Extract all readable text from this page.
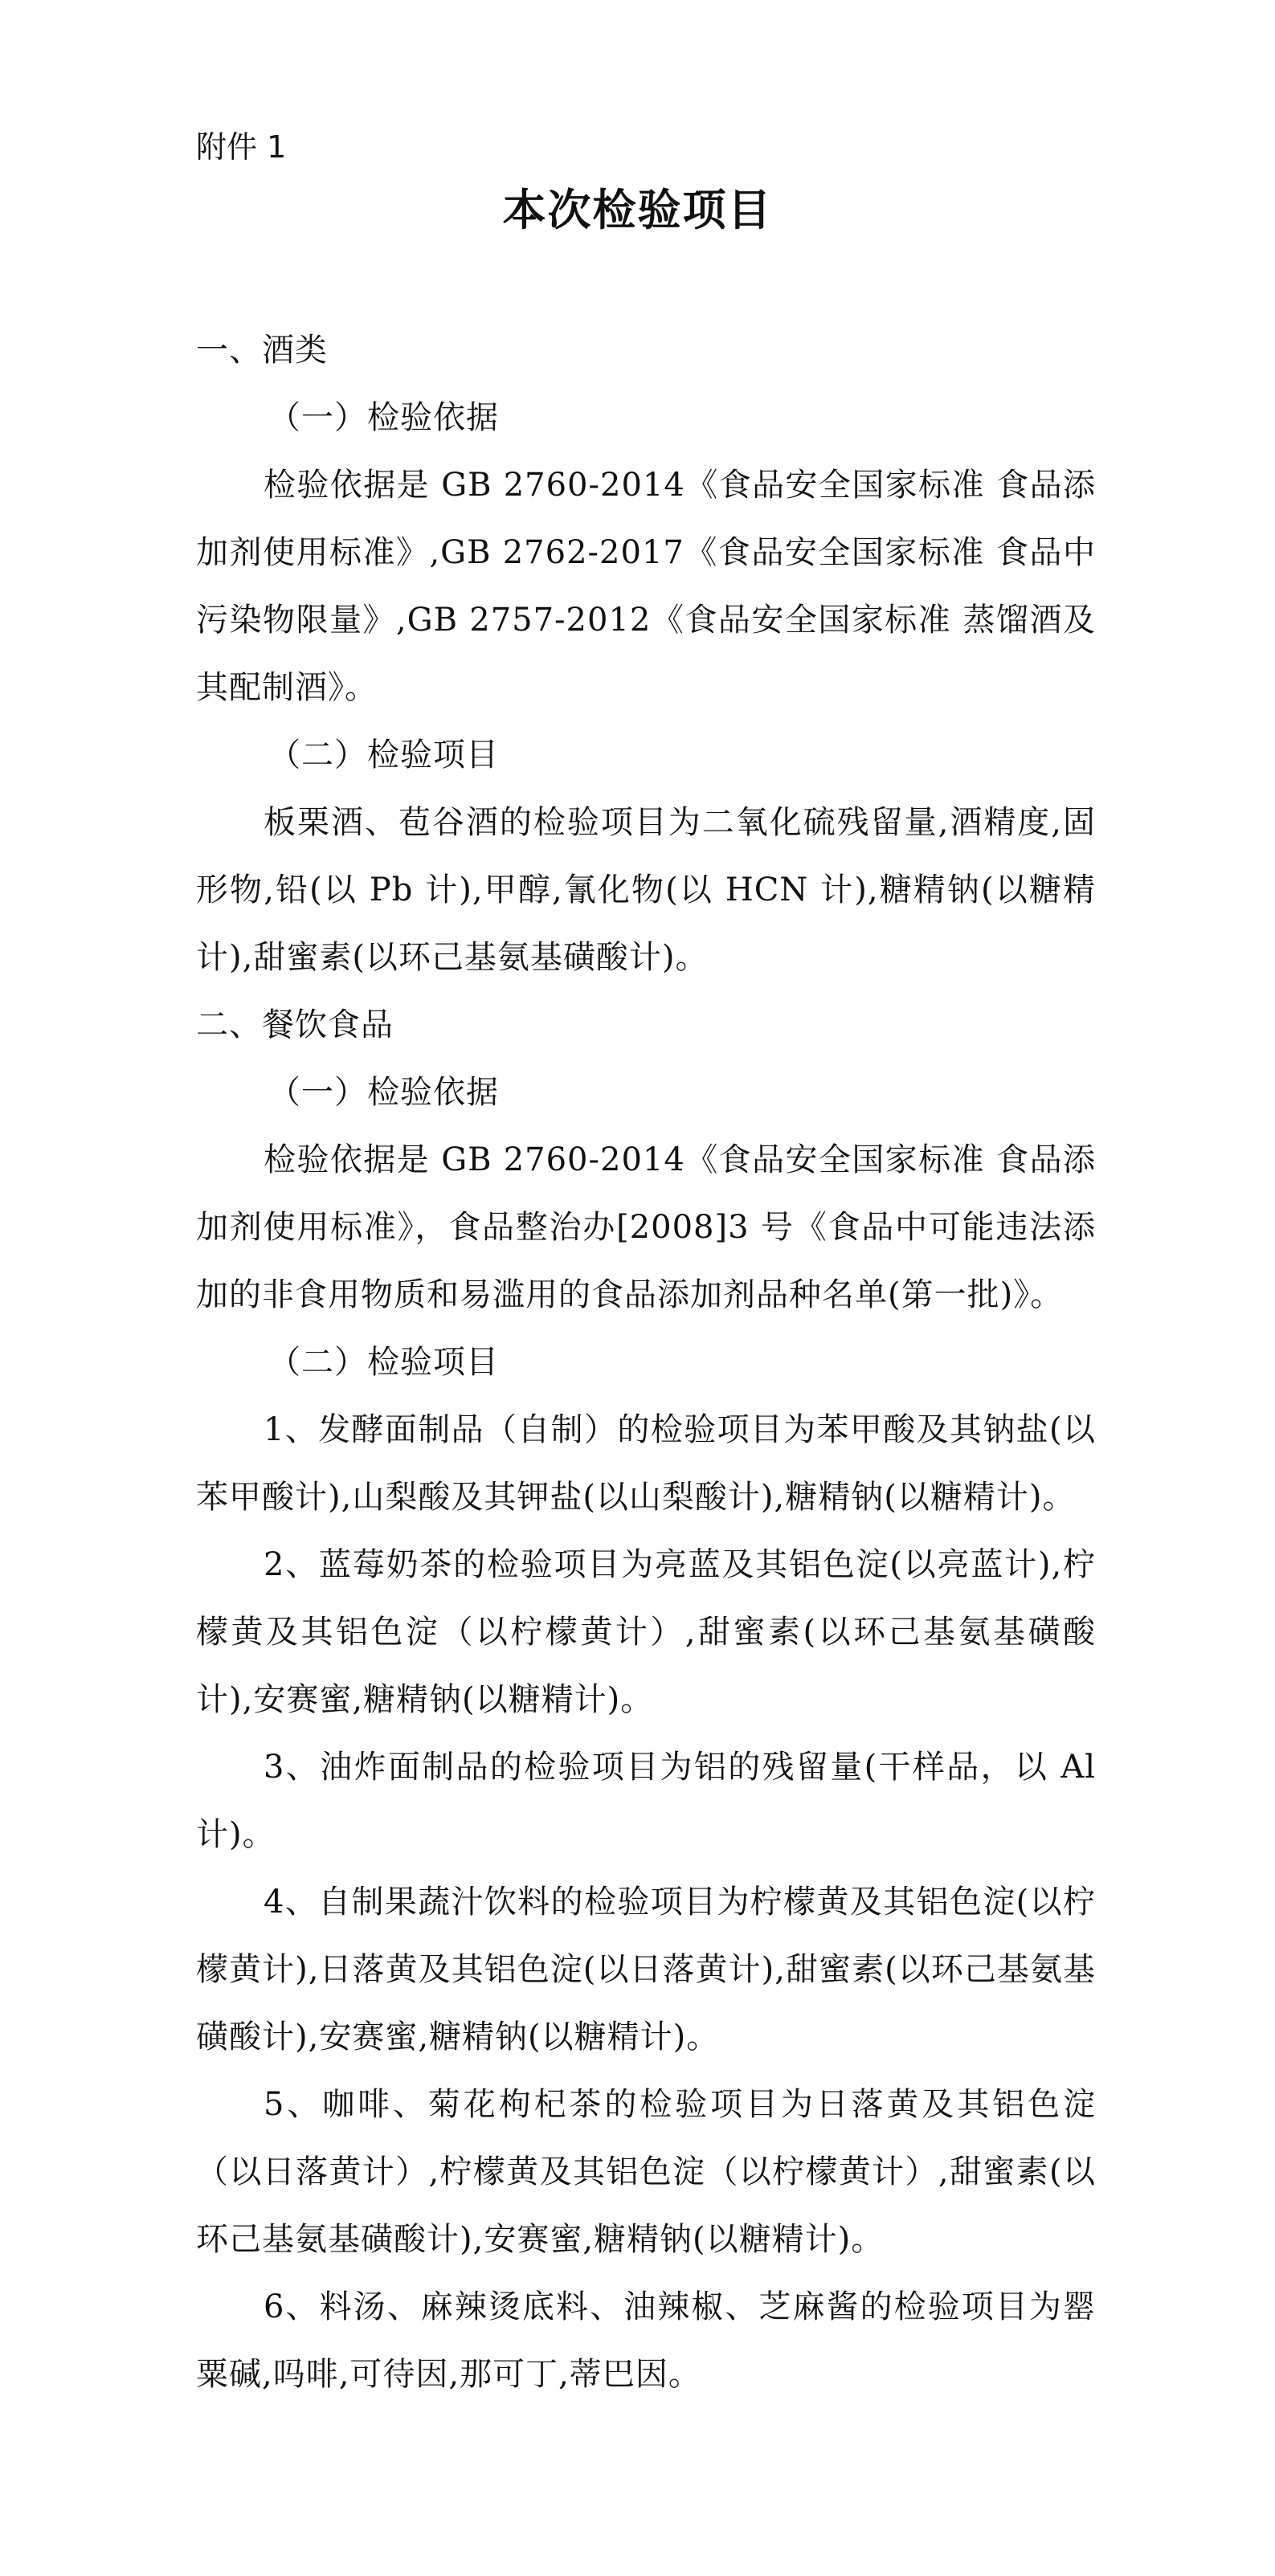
附件 1
本次检验项目

一、酒类

（一）检验依据

检验依据是 GB 2760-2014《食品安全国家标准 食品添加剂使用标准》,GB 2762-2017《食品安全国家标准 食品中污染物限量》,GB 2757-2012《食品安全国家标准 蒸馏酒及其配制酒》。

（二）检验项目

板栗酒、苞谷酒的检验项目为二氧化硫残留量,酒精度,固形物,铅(以 Pb 计),甲醇,氰化物(以 HCN 计),糖精钠(以糖精计),甜蜜素(以环己基氨基磺酸计)。

二、餐饮食品

（一）检验依据

检验依据是 GB 2760-2014《食品安全国家标准 食品添加剂使用标准》，食品整治办[2008]3 号《食品中可能违法添加的非食用物质和易滥用的食品添加剂品种名单(第一批)》。

（二）检验项目

1、发酵面制品（自制）的检验项目为苯甲酸及其钠盐(以苯甲酸计),山梨酸及其钾盐(以山梨酸计),糖精钠(以糖精计)。

2、蓝莓奶茶的检验项目为亮蓝及其铝色淀(以亮蓝计),柠檬黄及其铝色淀（以柠檬黄计）,甜蜜素(以环己基氨基磺酸计),安赛蜜,糖精钠(以糖精计)。

3、油炸面制品的检验项目为铝的残留量(干样品，以 Al 计)。

4、自制果蔬汁饮料的检验项目为柠檬黄及其铝色淀(以柠檬黄计),日落黄及其铝色淀(以日落黄计),甜蜜素(以环己基氨基磺酸计),安赛蜜,糖精钠(以糖精计)。

5、咖啡、菊花枸杞茶的检验项目为日落黄及其铝色淀（以日落黄计）,柠檬黄及其铝色淀（以柠檬黄计）,甜蜜素(以环己基氨基磺酸计),安赛蜜,糖精钠(以糖精计)。

6、料汤、麻辣烫底料、油辣椒、芝麻酱的检验项目为罂粟碱,吗啡,可待因,那可丁,蒂巴因。
